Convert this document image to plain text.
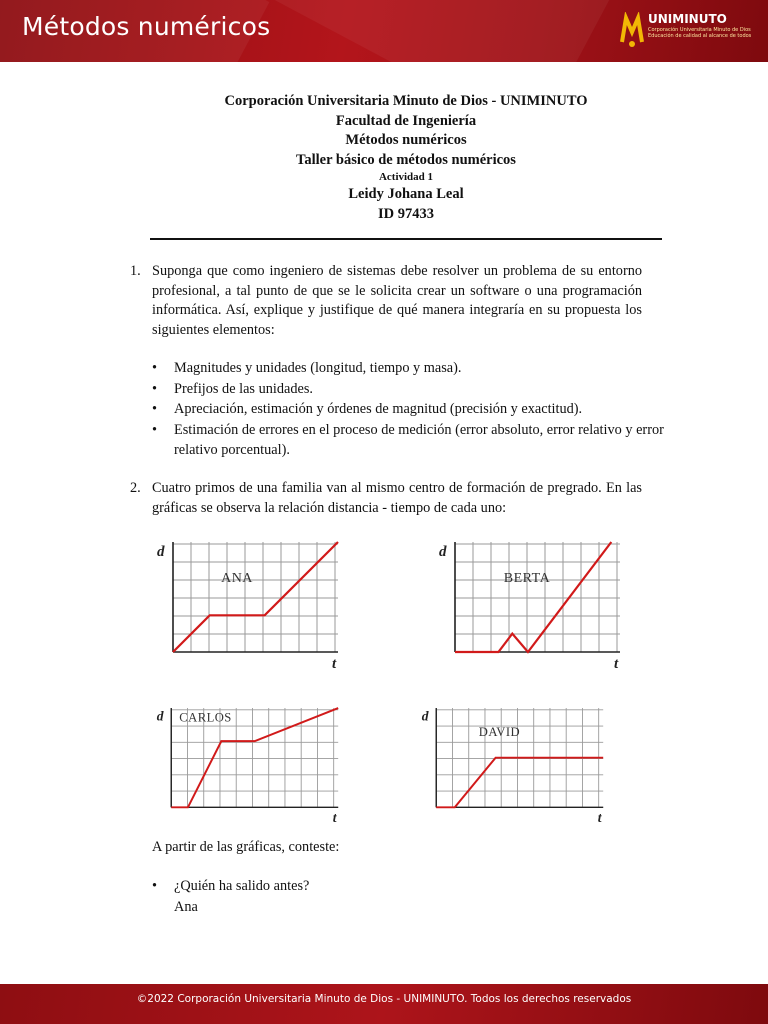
Métodos numéricos	UNIMINUTO
Corporación Universitaria Minuto de Dios
Educación de calidad al alcance de todos
Corporación Universitaria Minuto de Dios - UNIMINUTO
Facultad de Ingeniería
Métodos numéricos
Taller básico de métodos numéricos
Actividad 1
Leidy Johana Leal
ID 97433
1. Suponga que como ingeniero de sistemas debe resolver un problema de su entorno profesional, a tal punto de que se le solicita crear un software o una programación informática. Así, explique y justifique de qué manera integraría en su propuesta los siguientes elementos:
• Magnitudes y unidades (longitud, tiempo y masa).
• Prefijos de las unidades.
• Apreciación, estimación y órdenes de magnitud (precisión y exactitud).
• Estimación de errores en el proceso de medición (error absoluto, error relativo y error relativo porcentual).
2. Cuatro primos de una familia van al mismo centro de formación de pregrado. En las gráficas se observa la relación distancia - tiempo de cada uno:
d
t
ANA
d
t
BERTA
d
t
CARLOS	d
t
DAVID
A partir de las gráficas, conteste:
• ¿Quién ha salido antes?
Ana
©2022 Corporación Universitaria Minuto de Dios - UNIMINUTO. Todos los derechos reservados
